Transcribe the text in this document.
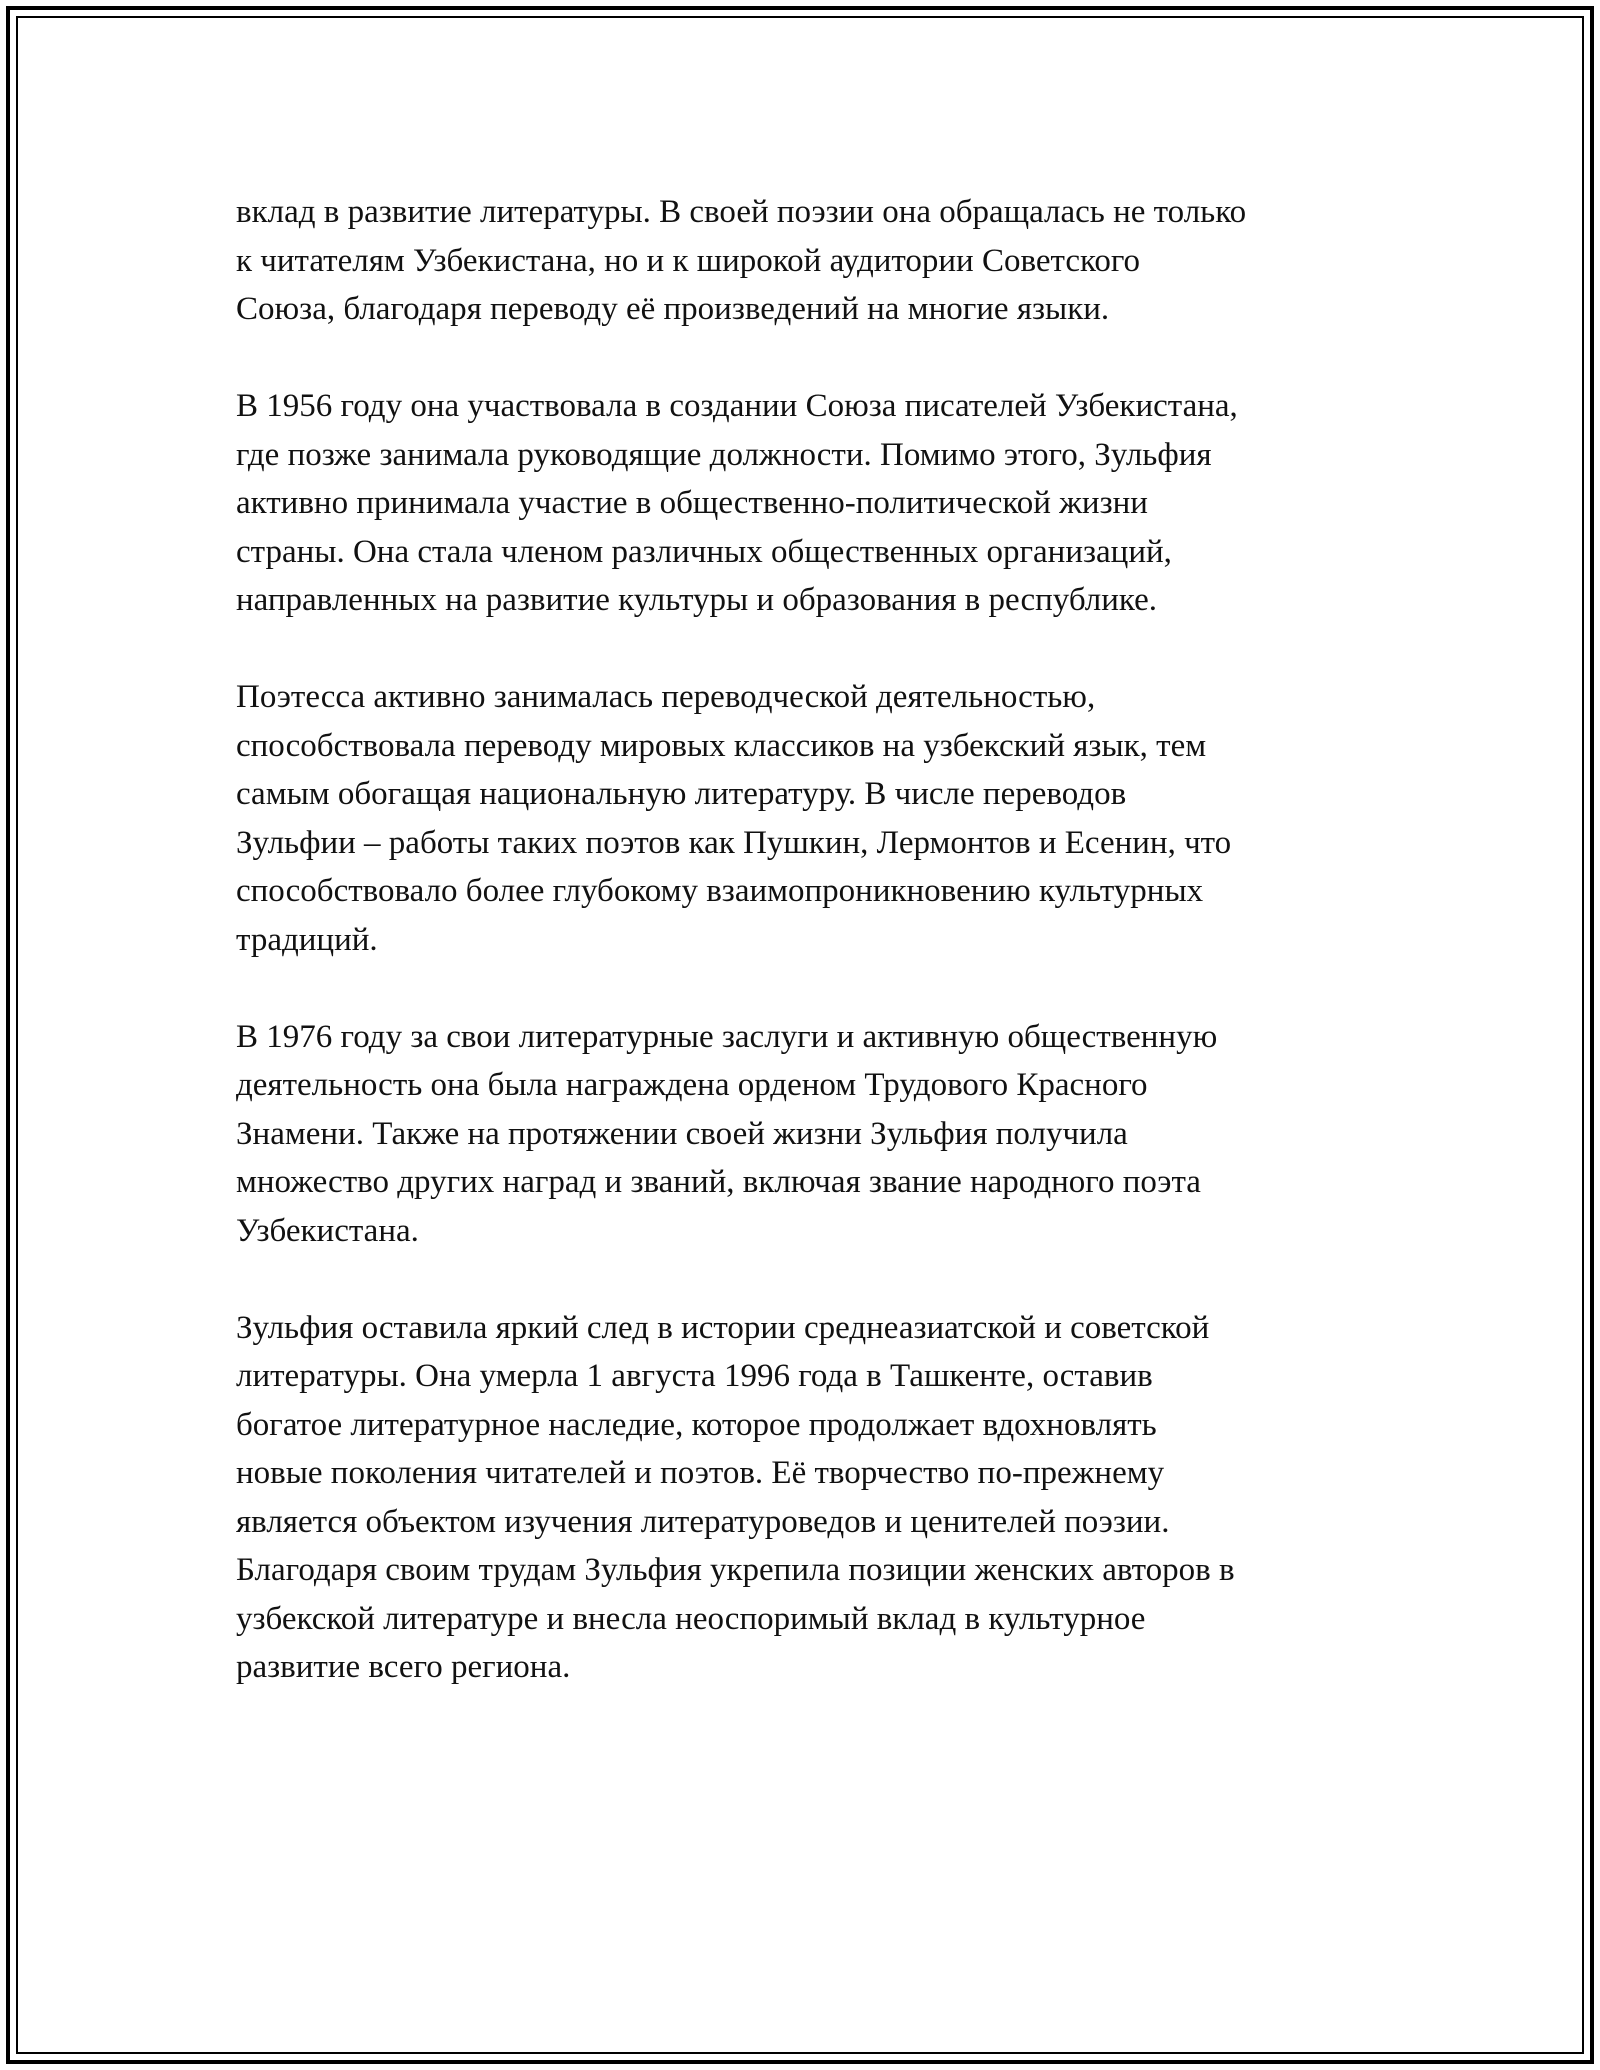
вклад в развитие литературы. В своей поэзии она обращалась не только
к читателям Узбекистана, но и к широкой аудитории Советского
Союза, благодаря переводу её произведений на многие языки.

В 1956 году она участвовала в создании Союза писателей Узбекистана,
где позже занимала руководящие должности. Помимо этого, Зульфия
активно принимала участие в общественно-политической жизни
страны. Она стала членом различных общественных организаций,
направленных на развитие культуры и образования в республике.

Поэтесса активно занималась переводческой деятельностью,
способствовала переводу мировых классиков на узбекский язык, тем
самым обогащая национальную литературу. В числе переводов
Зульфии – работы таких поэтов как Пушкин, Лермонтов и Есенин, что
способствовало более глубокому взаимопроникновению культурных
традиций.

В 1976 году за свои литературные заслуги и активную общественную
деятельность она была награждена орденом Трудового Красного
Знамени. Также на протяжении своей жизни Зульфия получила
множество других наград и званий, включая звание народного поэта
Узбекистана.

Зульфия оставила яркий след в истории среднеазиатской и советской
литературы. Она умерла 1 августа 1996 года в Ташкенте, оставив
богатое литературное наследие, которое продолжает вдохновлять
новые поколения читателей и поэтов. Её творчество по-прежнему
является объектом изучения литературоведов и ценителей поэзии.
Благодаря своим трудам Зульфия укрепила позиции женских авторов в
узбекской литературе и внесла неоспоримый вклад в культурное
развитие всего региона.
